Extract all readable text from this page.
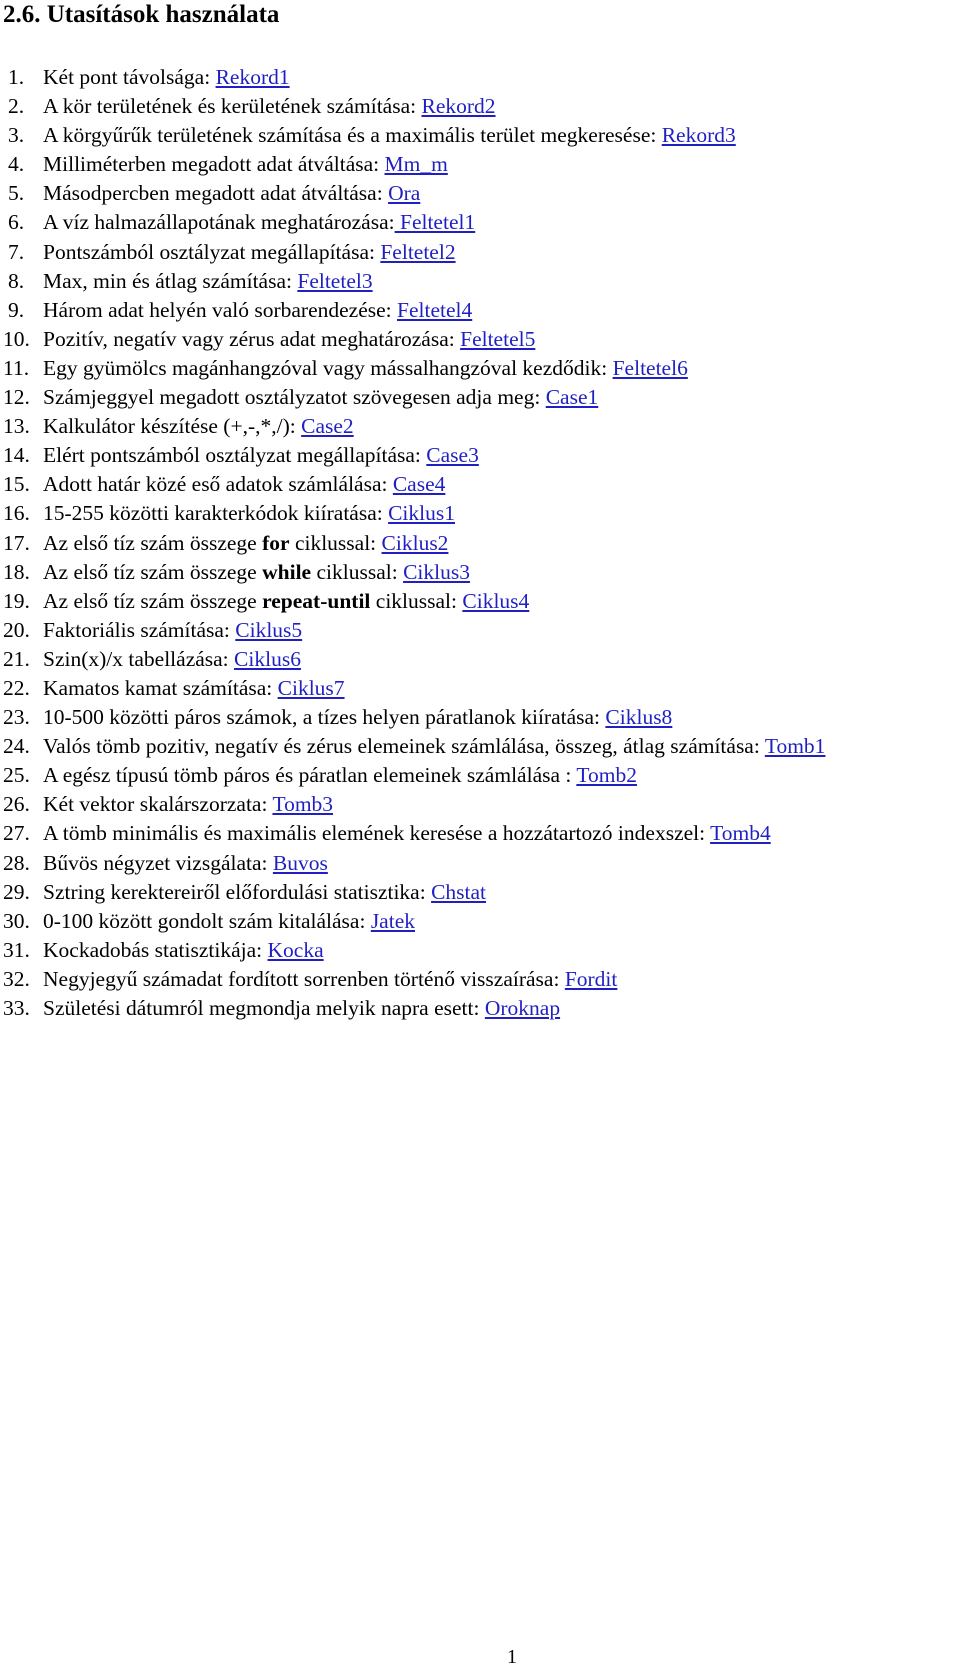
2.6. Utasítások használata
1. Két pont távolsága: Rekord1
2. A kör területének és kerületének számítása: Rekord2
3. A körgyűrűk területének számítása és a maximális terület megkeresése: Rekord3
4. Milliméterben megadott adat átváltása: Mm_m
5. Másodpercben megadott adat átváltása: Ora
6. A víz halmazállapotának meghatározása: Feltetel1
7. Pontszámból osztályzat megállapítása: Feltetel2
8. Max, min és átlag számítása: Feltetel3
9. Három adat helyén való sorbarendezése: Feltetel4
10. Pozitív, negatív vagy zérus adat meghatározása: Feltetel5
11. Egy gyümölcs magánhangzóval vagy mássalhangzóval kezdődik: Feltetel6
12. Számjeggyel megadott osztályzatot szövegesen adja meg: Case1
13. Kalkulátor készítése (+,-,*,/): Case2
14. Elért pontszámból osztályzat megállapítása: Case3
15. Adott határ közé eső adatok számlálása: Case4
16. 15-255 közötti karakterkódok kiíratása: Ciklus1
17. Az első tíz szám összege for ciklussal: Ciklus2
18. Az első tíz szám összege while ciklussal: Ciklus3
19. Az első tíz szám összege repeat-until ciklussal: Ciklus4
20. Faktoriális számítása: Ciklus5
21. Szin(x)/x tabellázása: Ciklus6
22. Kamatos kamat számítása: Ciklus7
23. 10-500 közötti páros számok, a tízes helyen páratlanok kiíratása: Ciklus8
24. Valós tömb pozitiv, negatív és zérus elemeinek számlálása, összeg, átlag számítása: Tomb1
25. A egész típusú tömb páros és páratlan elemeinek számlálása : Tomb2
26. Két vektor skalárszorzata: Tomb3
27. A tömb minimális és maximális elemének keresése a hozzátartozó indexszel: Tomb4
28. Bűvös négyzet vizsgálata: Buvos
29. Sztring kerektereiről előfordulási statisztika: Chstat
30. 0-100 között gondolt szám kitalálása: Jatek
31. Kockadobás statisztikája: Kocka
32. Negyjegyű számadat fordított sorrenben történő visszaírása: Fordit
33. Születési dátumról megmondja melyik napra esett: Oroknap
1
